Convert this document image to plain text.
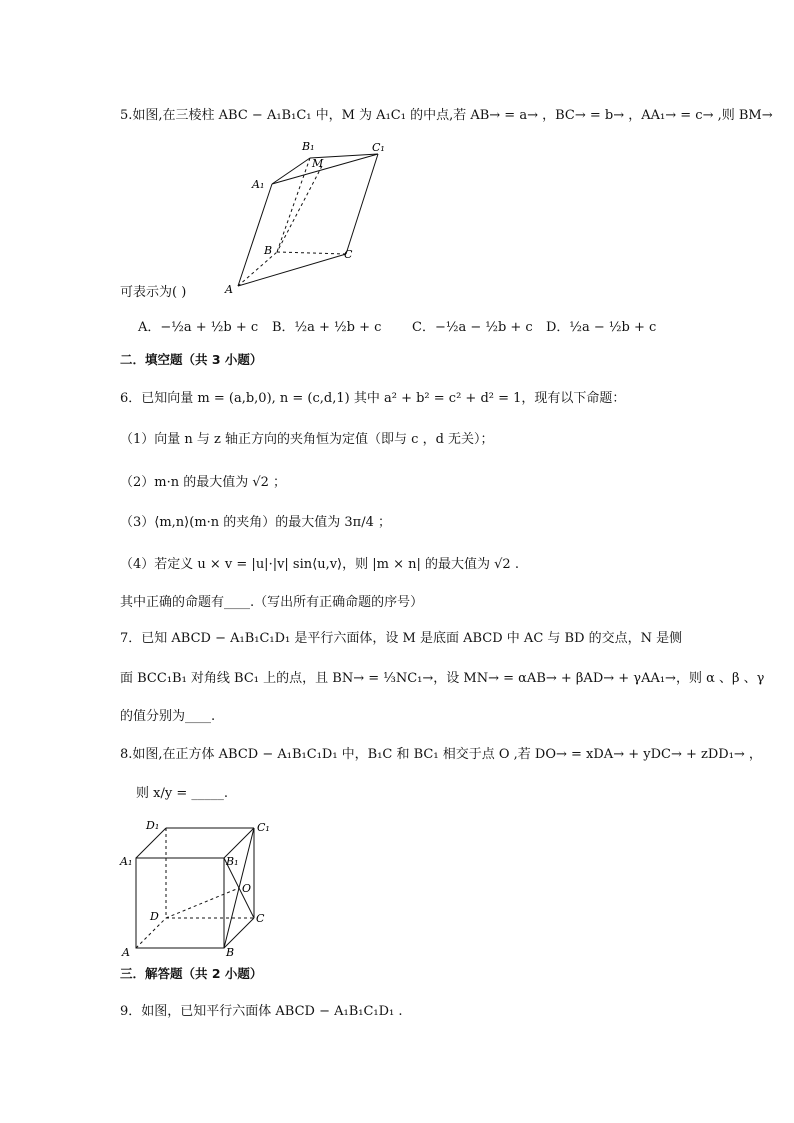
5.如图,在三棱柱 ABC − A₁B₁C₁ 中，M 为 A₁C₁ 的中点,若 AB→ = a→ ，BC→ = b→ ，AA₁→ = c→ ,则 BM→
B₁	C₁
M
A₁
B	C
A
可表示为( )
A．−½a + ½b + c B．½a + ½b + c C．−½a − ½b + c D．½a − ½b + c
二．填空题（共 3 小题）
6．已知向量 m = (a,b,0), n = (c,d,1) 其中 a² + b² = c² + d² = 1，现有以下命题：
（1）向量 n 与 z 轴正方向的夹角恒为定值（即与 c ，d 无关）；
（2）m·n 的最大值为 √2 ；
（3）⟨m,n⟩(m·n 的夹角）的最大值为 3π/4 ；
（4）若定义 u × v = |u|·|v| sin⟨u,v⟩，则 |m × n| 的最大值为 √2 .
其中正确的命题有____.（写出所有正确命题的序号）
7．已知 ABCD − A₁B₁C₁D₁ 是平行六面体，设 M 是底面 ABCD 中 AC 与 BD 的交点，N 是侧
面 BCC₁B₁ 对角线 BC₁ 上的点，且 BN→ = ⅓NC₁→，设 MN→ = αAB→ + βAD→ + γAA₁→，则 α 、β 、γ
的值分别为____.
8.如图,在正方体 ABCD − A₁B₁C₁D₁ 中，B₁C 和 BC₁ 相交于点 O ,若 DO→ = xDA→ + yDC→ + zDD₁→ ，
则 x/y = _____.
D₁	C₁
A₁	B₁
O
D	C
A	B
三．解答题（共 2 小题）
9．如图，已知平行六面体 ABCD − A₁B₁C₁D₁ .
